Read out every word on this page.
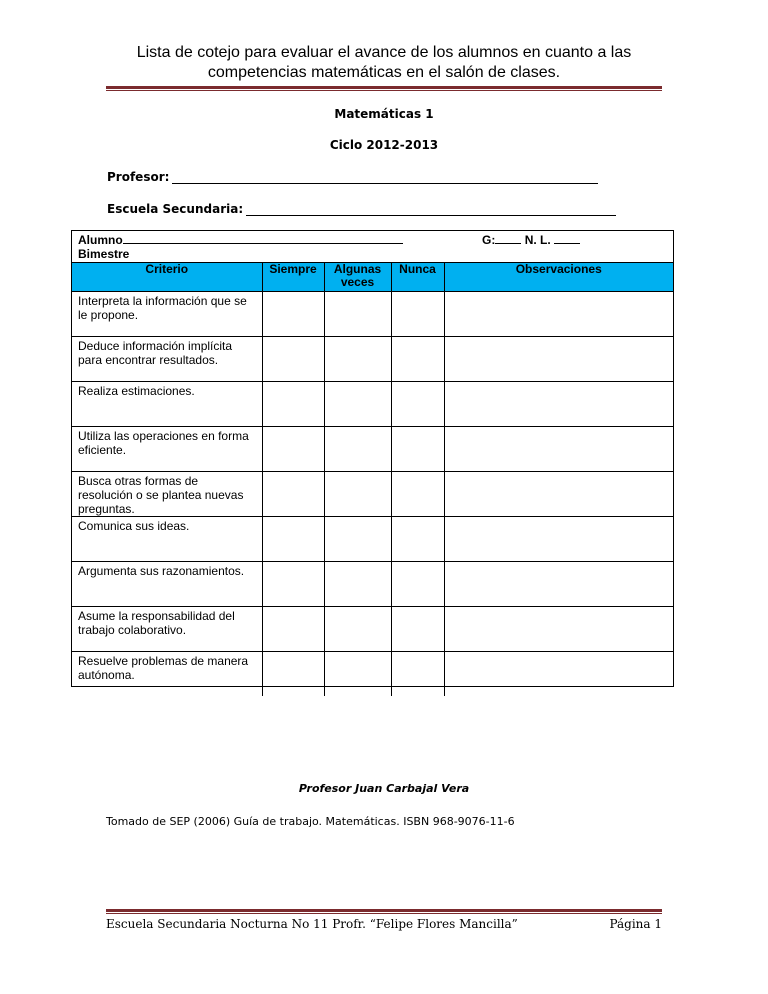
Lista de cotejo para evaluar el avance de los alumnos en cuanto a las
competencias matemáticas en el salón de clases.
Matemáticas 1
Ciclo 2012-2013
Profesor:
Escuela Secundaria:
Alumno
Bimestre
G: N. L.
Criterio	Siempre	Algunas veces	Nunca	Observaciones
Interpreta la información que se le propone.				
Deduce información implícita para encontrar resultados.				
Realiza estimaciones.				
Utiliza las operaciones en forma eficiente.				
Busca otras formas de resolución o se plantea nuevas preguntas.				
Comunica sus ideas.				
Argumenta sus razonamientos.				
Asume la responsabilidad del trabajo colaborativo.				
Resuelve problemas de manera autónoma.				
Profesor Juan Carbajal Vera
Tomado de SEP (2006) Guía de trabajo. Matemáticas. ISBN 968-9076-11-6
Escuela Secundaria Nocturna No 11 Profr. “Felipe Flores Mancilla”	Página 1
